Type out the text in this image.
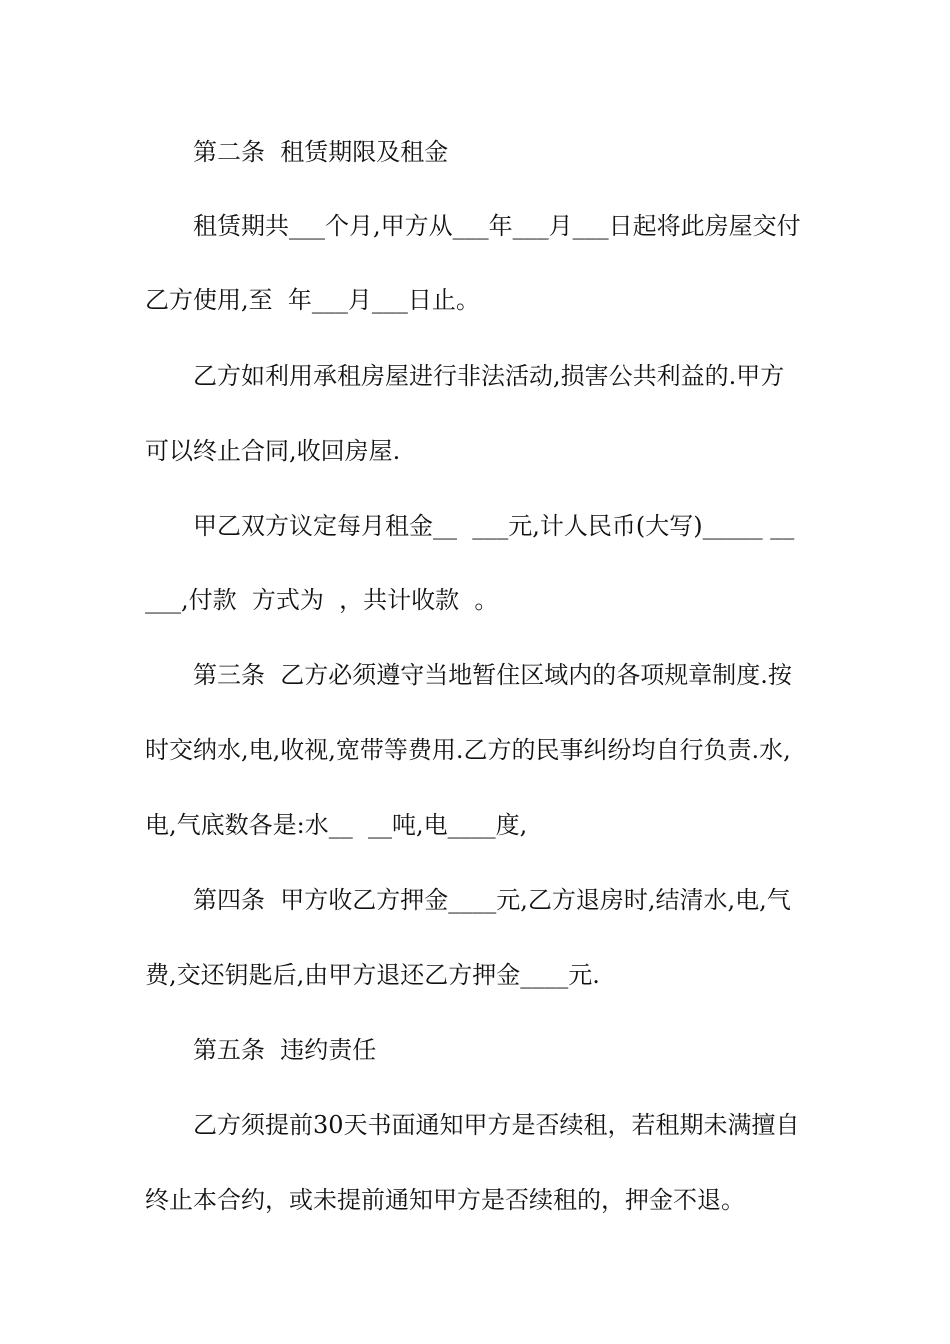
第二条  租赁期限及租金
租赁期共___个月,甲方从___年___月___日起将此房屋交付
乙方使用,至  年___月___日止。
乙方如利用承租房屋进行非法活动,损害公共利益的.甲方
可以终止合同,收回房屋.
甲乙双方议定每月租金__  ___元,计人民币(大写)_____ __
___,付款  方式为  ，共计收款  。
第三条  乙方必须遵守当地暂住区域内的各项规章制度.按
时交纳水,电,收视,宽带等费用.乙方的民事纠纷均自行负责.水,
电,气底数各是:水__  __吨,电____度,
第四条  甲方收乙方押金____元,乙方退房时,结清水,电,气
费,交还钥匙后,由甲方退还乙方押金____元.
第五条  违约责任
乙方须提前30天书面通知甲方是否续租，若租期未满擅自
终止本合约，或未提前通知甲方是否续租的，押金不退。
